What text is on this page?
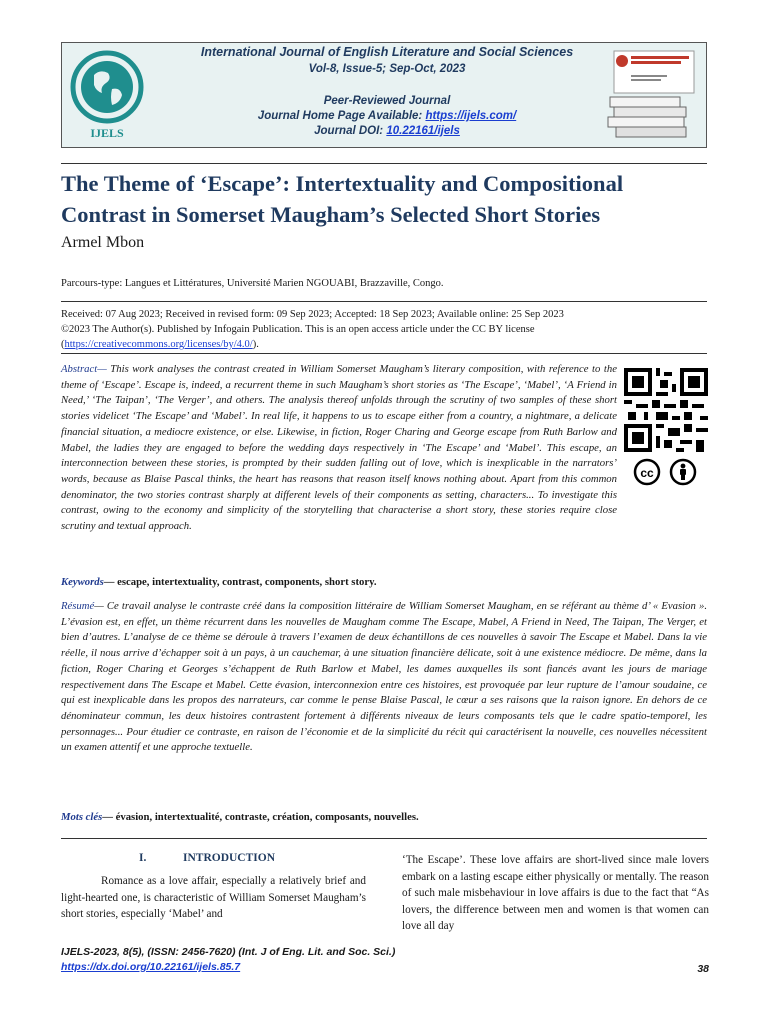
IJELS
International Journal of English Literature and Social Sciences
Vol-8, Issue-5; Sep-Oct, 2023
Peer-Reviewed Journal
Journal Home Page Available: https://ijels.com/
Journal DOI: 10.22161/ijels
The Theme of ‘Escape’: Intertextuality and Compositional
Contrast in Somerset Maugham’s Selected Short Stories
Armel Mbon
Parcours-type: Langues et Littératures, Université Marien NGOUABI, Brazzaville, Congo.
Received: 07 Aug 2023; Received in revised form: 09 Sep 2023; Accepted: 18 Sep 2023; Available online: 25 Sep 2023
©2023 The Author(s). Published by Infogain Publication. This is an open access article under the CC BY license
(https://creativecommons.org/licenses/by/4.0/).
Abstract— This work analyses the contrast created in William Somerset Maugham’s literary composition, with reference to the theme of ‘Escape’. Escape is, indeed, a recurrent theme in such Maugham’s short stories as ‘The Escape’, ‘Mabel’, ‘A Friend in Need,’ ‘The Taipan’, ‘The Verger’, and others. The analysis thereof unfolds through the scrutiny of two samples of these short stories videlicet ‘The Escape’ and ‘Mabel’. In real life, it happens to us to escape either from a country, a nightmare, a delicate financial situation, a mediocre existence, or else. Likewise, in fiction, Roger Charing and George escape from Ruth Barlow and Mabel, the ladies they are engaged to before the wedding days respectively in ‘The Escape’ and ‘Mabel’. This escape, an interconnection between these stories, is prompted by their sudden falling out of love, which is inexplicable in the narrators’ words, because as Blaise Pascal thinks, the heart has reasons that reason itself knows nothing about. Apart from this common denominator, the two stories contrast sharply at different levels of their components as setting, characters... To investigate this contrast, owing to the economy and simplicity of the storytelling that characterise a short story, these stories require close scrutiny and textual approach.
cc
Keywords— escape, intertextuality, contrast, components, short story.
Résumé— Ce travail analyse le contraste créé dans la composition littéraire de William Somerset Maugham, en se référant au thème d’ « Evasion ». L’évasion est, en effet, un thème récurrent dans les nouvelles de Maugham comme The Escape, Mabel, A Friend in Need, The Taipan, The Verger, et bien d’autres. L’analyse de ce thème se déroule à travers l’examen de deux échantillons de ces nouvelles à savoir The Escape et Mabel. Dans la vie réelle, il nous arrive d’échapper soit à un pays, à un cauchemar, à une situation financière délicate, soit à une existence médiocre. De même, dans la fiction, Roger Charing et Georges s’échappent de Ruth Barlow et Mabel, les dames auxquelles ils sont fiancés avant les jours de mariage respectivement dans The Escape et Mabel. Cette évasion, interconnexion entre ces histoires, est provoquée par leur rupture de l’amour soudaine, ce qui est inexplicable dans les propos des narrateurs, car comme le pense Blaise Pascal, le cœur a ses raisons que la raison ignore. En dehors de ce dénominateur commun, les deux histoires contrastent fortement à différents niveaux de leurs composants tels que le cadre spatio-temporel, les personnages... Pour étudier ce contraste, en raison de l’économie et de la simplicité du récit qui caractérisent la nouvelle, ces nouvelles nécessitent un examen attentif et une approche textuelle.
Mots clés— évasion, intertextualité, contraste, création, composants, nouvelles.
I.	INTRODUCTION
Romance as a love affair, especially a relatively brief and light-hearted one, is characteristic of William Somerset Maugham’s short stories, especially ‘Mabel’ and
‘The Escape’. These love affairs are short-lived since male lovers embark on a lasting escape either physically or mentally. The reason of such male misbehaviour in love affairs is due to the fact that “As lovers, the difference between men and women is that women can love all day
IJELS-2023, 8(5), (ISSN: 2456-7620) (Int. J of Eng. Lit. and Soc. Sci.)
https://dx.doi.org/10.22161/ijels.85.7	38
